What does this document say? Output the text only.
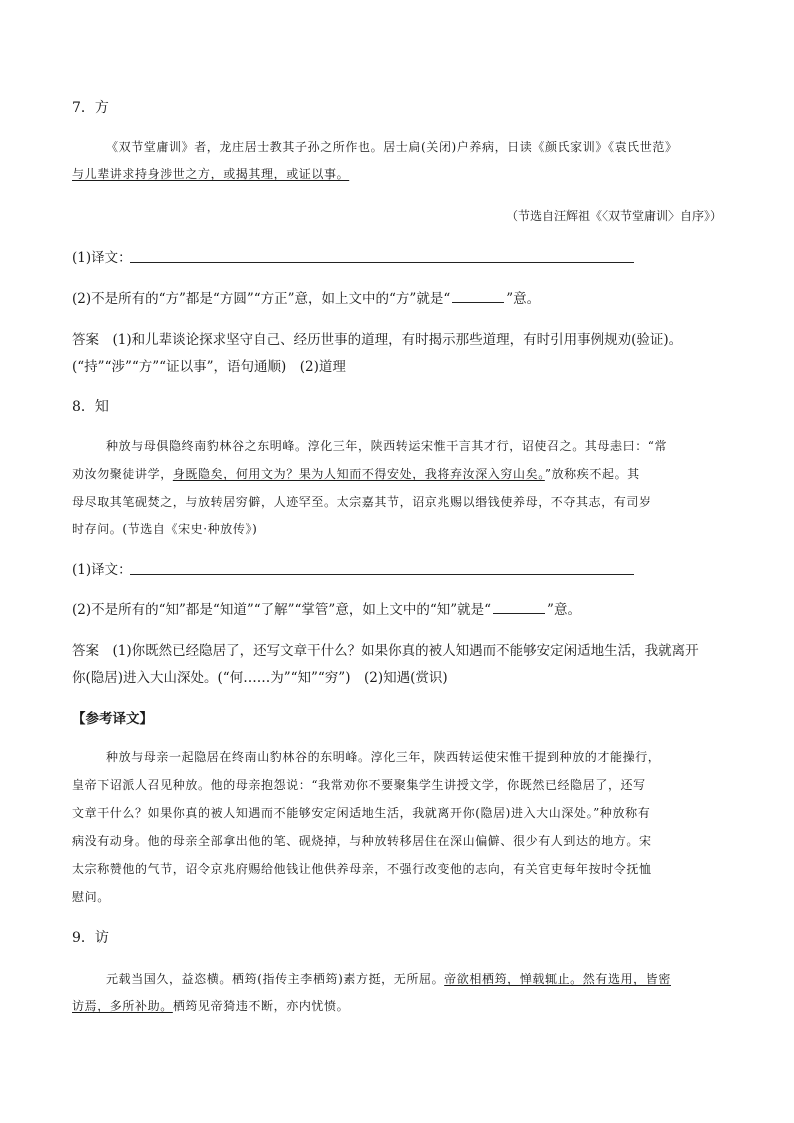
7．方
《双节堂庸训》者，龙庄居士教其子孙之所作也。居士扃(关闭)户养病，日读《颜氏家训》《袁氏世范》
与儿辈讲求持身涉世之方，或揭其理，或证以事。
（节选自汪辉祖《〈双节堂庸训〉自序》）
(1)译文：
(2)不是所有的“方”都是“方圆”“方正”意，如上文中的“方”就是“	”意。
答案　(1)和儿辈谈论探求坚守自己、经历世事的道理，有时揭示那些道理，有时引用事例规劝(验证)。
(“持”“涉”“方”“证以事”，语句通顺)　(2)道理
8．知
种放与母俱隐终南豹林谷之东明峰。淳化三年，陕西转运宋惟干言其才行，诏使召之。其母恚曰：“常
劝汝勿聚徒讲学，身既隐矣，何用文为？果为人知而不得安处，我将弃汝深入穷山矣。”放称疾不起。其
母尽取其笔砚焚之，与放转居穷僻，人迹罕至。太宗嘉其节，诏京兆赐以缗钱使养母，不夺其志，有司岁
时存问。(节选自《宋史·种放传》)
(1)译文：
(2)不是所有的“知”都是“知道”“了解”“掌管”意，如上文中的“知”就是“	”意。
答案　(1)你既然已经隐居了，还写文章干什么？如果你真的被人知遇而不能够安定闲适地生活，我就离开
你(隐居)进入大山深处。(“何……为”“知”“穷”)　(2)知遇(赏识)
【参考译文】
种放与母亲一起隐居在终南山豹林谷的东明峰。淳化三年，陕西转运使宋惟干提到种放的才能操行，
皇帝下诏派人召见种放。他的母亲抱怨说：“我常劝你不要聚集学生讲授文学，你既然已经隐居了，还写
文章干什么？如果你真的被人知遇而不能够安定闲适地生活，我就离开你(隐居)进入大山深处。”种放称有
病没有动身。他的母亲全部拿出他的笔、砚烧掉，与种放转移居住在深山偏僻、很少有人到达的地方。宋
太宗称赞他的气节，诏令京兆府赐给他钱让他供养母亲，不强行改变他的志向，有关官吏每年按时令抚恤
慰问。
9．访
元载当国久，益恣横。栖筠(指传主李栖筠)素方挺，无所屈。帝欲相栖筠，惮载辄止。然有选用，皆密
访焉，多所补助。栖筠见帝猗违不断，亦内忧愤。
